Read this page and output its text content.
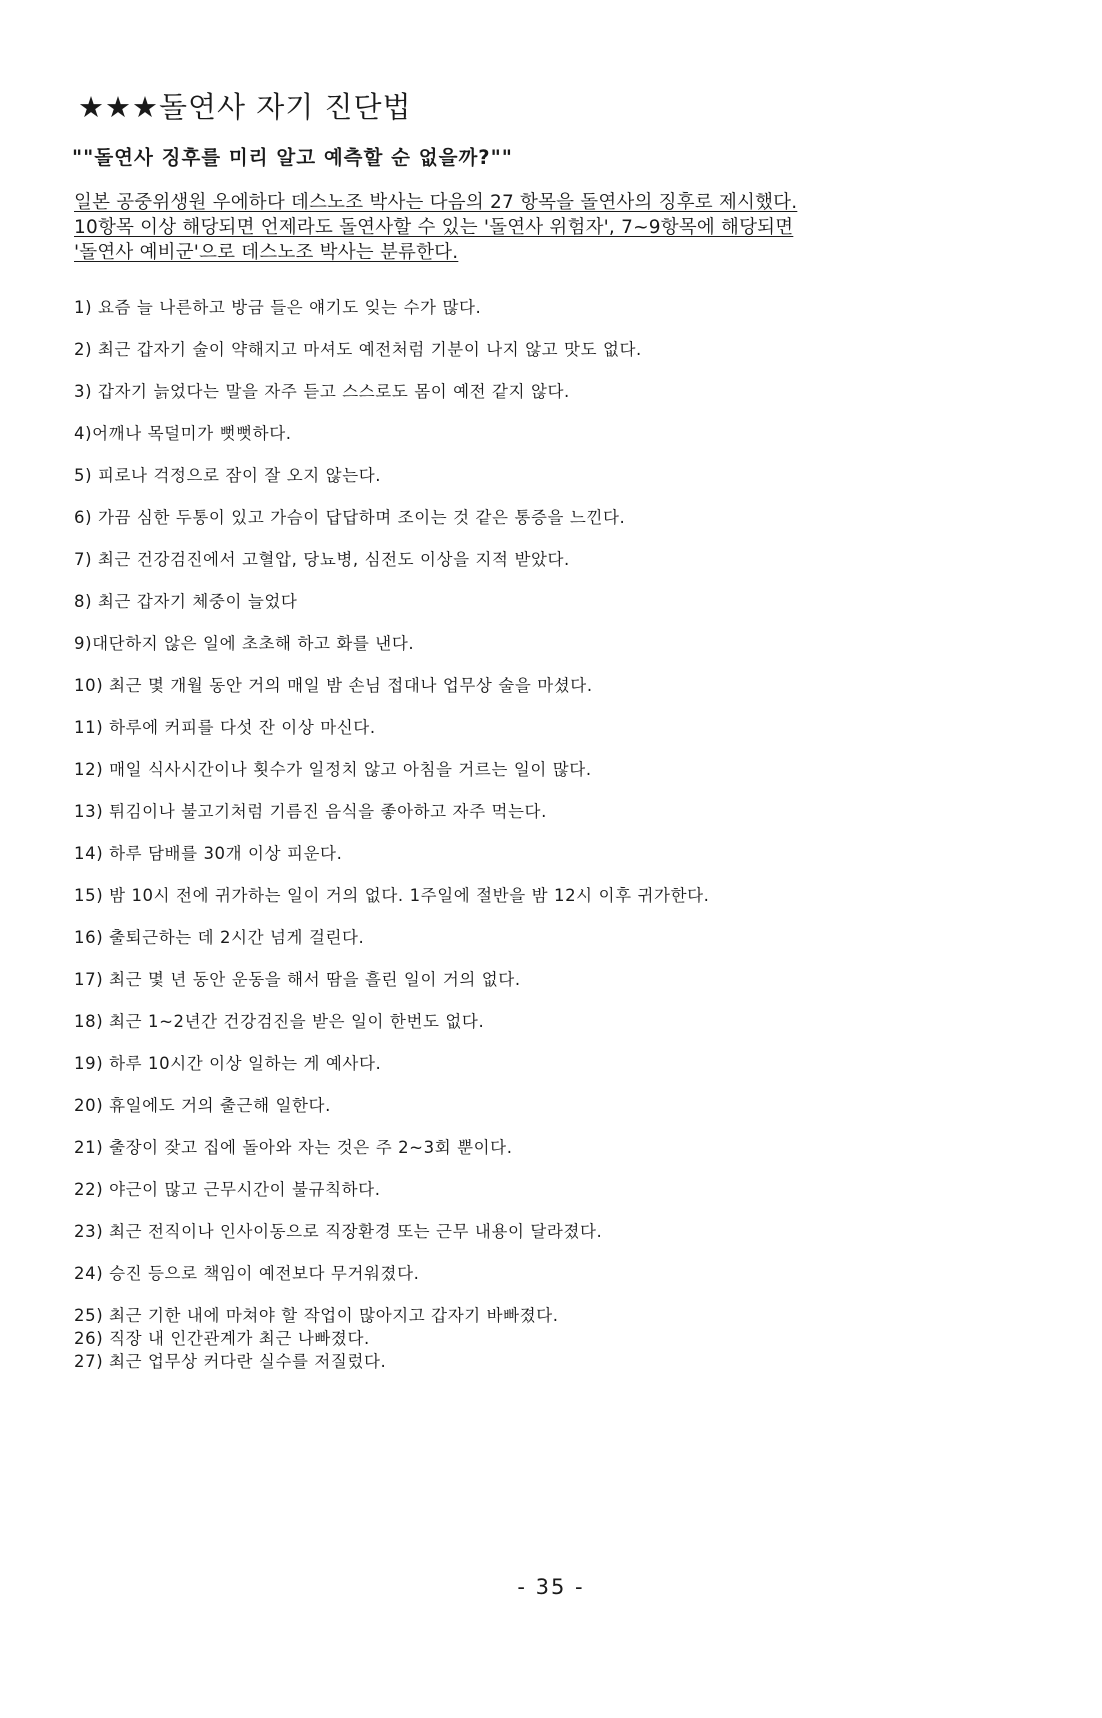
★★★돌연사 자기 진단법
""돌연사 징후를 미리 알고 예측할 순 없을까?""
일본 공중위생원 우에하다 데스노조 박사는 다음의 27 항목을 돌연사의 징후로 제시했다.
10항목 이상 해당되면 언제라도 돌연사할 수 있는 '돌연사 위험자', 7~9항목에 해당되면
'돌연사 예비군'으로 데스노조 박사는 분류한다.
1) 요즘 늘 나른하고 방금 들은 얘기도 잊는 수가 많다.
2) 최근 갑자기 술이 약해지고 마셔도 예전처럼 기분이 나지 않고 맛도 없다.
3) 갑자기 늙었다는 말을 자주 듣고 스스로도 몸이 예전 같지 않다.
4)어깨나 목덜미가 뻣뻣하다.
5) 피로나 걱정으로 잠이 잘 오지 않는다.
6) 가끔 심한 두통이 있고 가슴이 답답하며 조이는 것 같은 통증을 느낀다.
7) 최근 건강검진에서 고혈압, 당뇨병, 심전도 이상을 지적 받았다.
8) 최근 갑자기 체중이 늘었다
9)대단하지 않은 일에 초초해 하고 화를 낸다.
10) 최근 몇 개월 동안 거의 매일 밤 손님 접대나 업무상 술을 마셨다.
11) 하루에 커피를 다섯 잔 이상 마신다.
12) 매일 식사시간이나 횟수가 일정치 않고 아침을 거르는 일이 많다.
13) 튀김이나 불고기처럼 기름진 음식을 좋아하고 자주 먹는다.
14) 하루 담배를 30개 이상 피운다.
15) 밤 10시 전에 귀가하는 일이 거의 없다. 1주일에 절반을 밤 12시 이후 귀가한다.
16) 출퇴근하는 데 2시간 넘게 걸린다.
17) 최근 몇 년 동안 운동을 해서 땀을 흘린 일이 거의 없다.
18) 최근 1~2년간 건강검진을 받은 일이 한번도 없다.
19) 하루 10시간 이상 일하는 게 예사다.
20) 휴일에도 거의 출근해 일한다.
21) 출장이 잦고 집에 돌아와 자는 것은 주 2~3회 뿐이다.
22) 야근이 많고 근무시간이 불규칙하다.
23) 최근 전직이나 인사이동으로 직장환경 또는 근무 내용이 달라졌다.
24) 승진 등으로 책임이 예전보다 무거워졌다.
25) 최근 기한 내에 마쳐야 할 작업이 많아지고 갑자기 바빠졌다.
26) 직장 내 인간관계가 최근 나빠졌다.
27) 최근 업무상 커다란 실수를 저질렀다.
- 35 -
